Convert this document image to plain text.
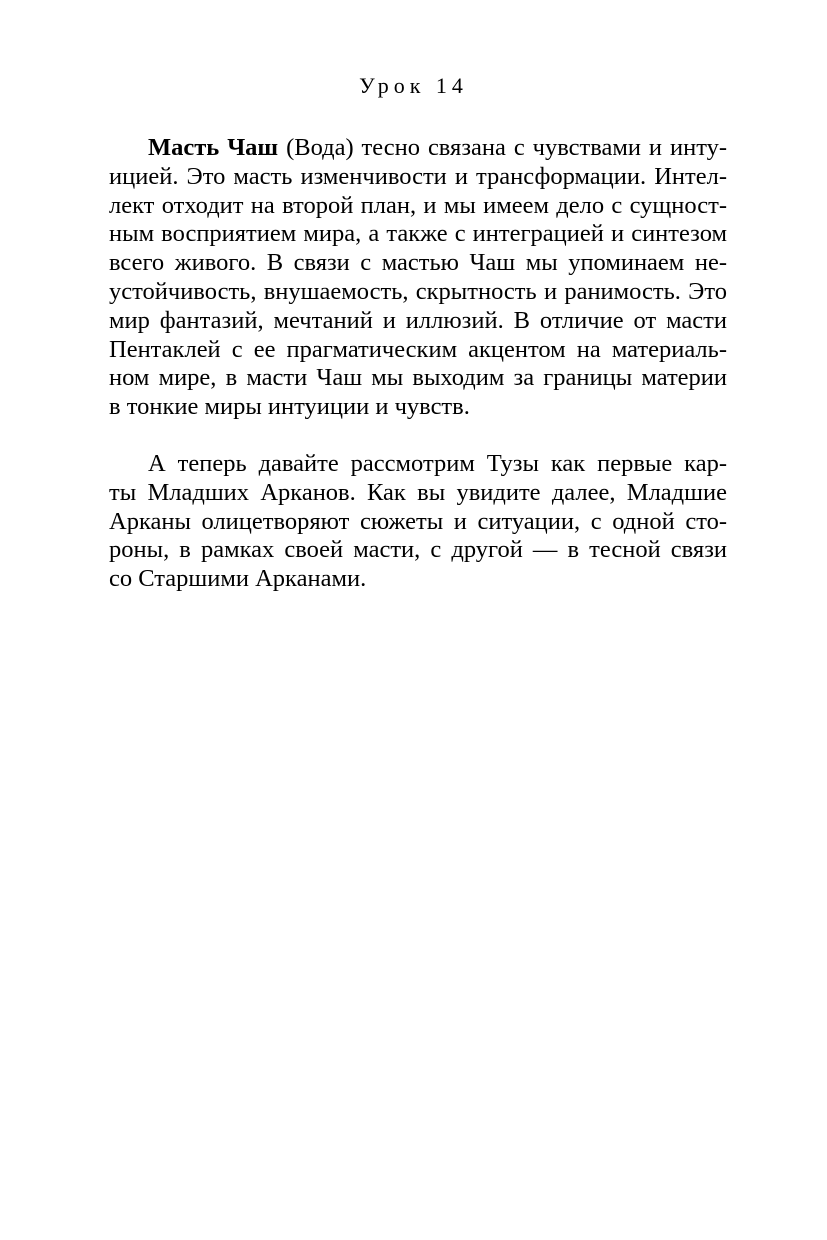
Урок 14
Масть Чаш (Вода) тесно связана с чувствами и инту-
ицией. Это масть изменчивости и трансформации. Интел-
лект отходит на второй план, и мы имеем дело с сущност-
ным восприятием мира, а также с интеграцией и синтезом
всего живого. В связи с мастью Чаш мы упоминаем не-
устойчивость, внушаемость, скрытность и ранимость. Это
мир фантазий, мечтаний и иллюзий. В отличие от масти
Пентаклей с ее прагматическим акцентом на материаль-
ном мире, в масти Чаш мы выходим за границы материи
в тонкие миры интуиции и чувств.
А теперь давайте рассмотрим Тузы как первые кар-
ты Младших Арканов. Как вы увидите далее, Младшие
Арканы олицетворяют сюжеты и ситуации, с одной сто-
роны, в рамках своей масти, с другой — в тесной связи
со Старшими Арканами.
